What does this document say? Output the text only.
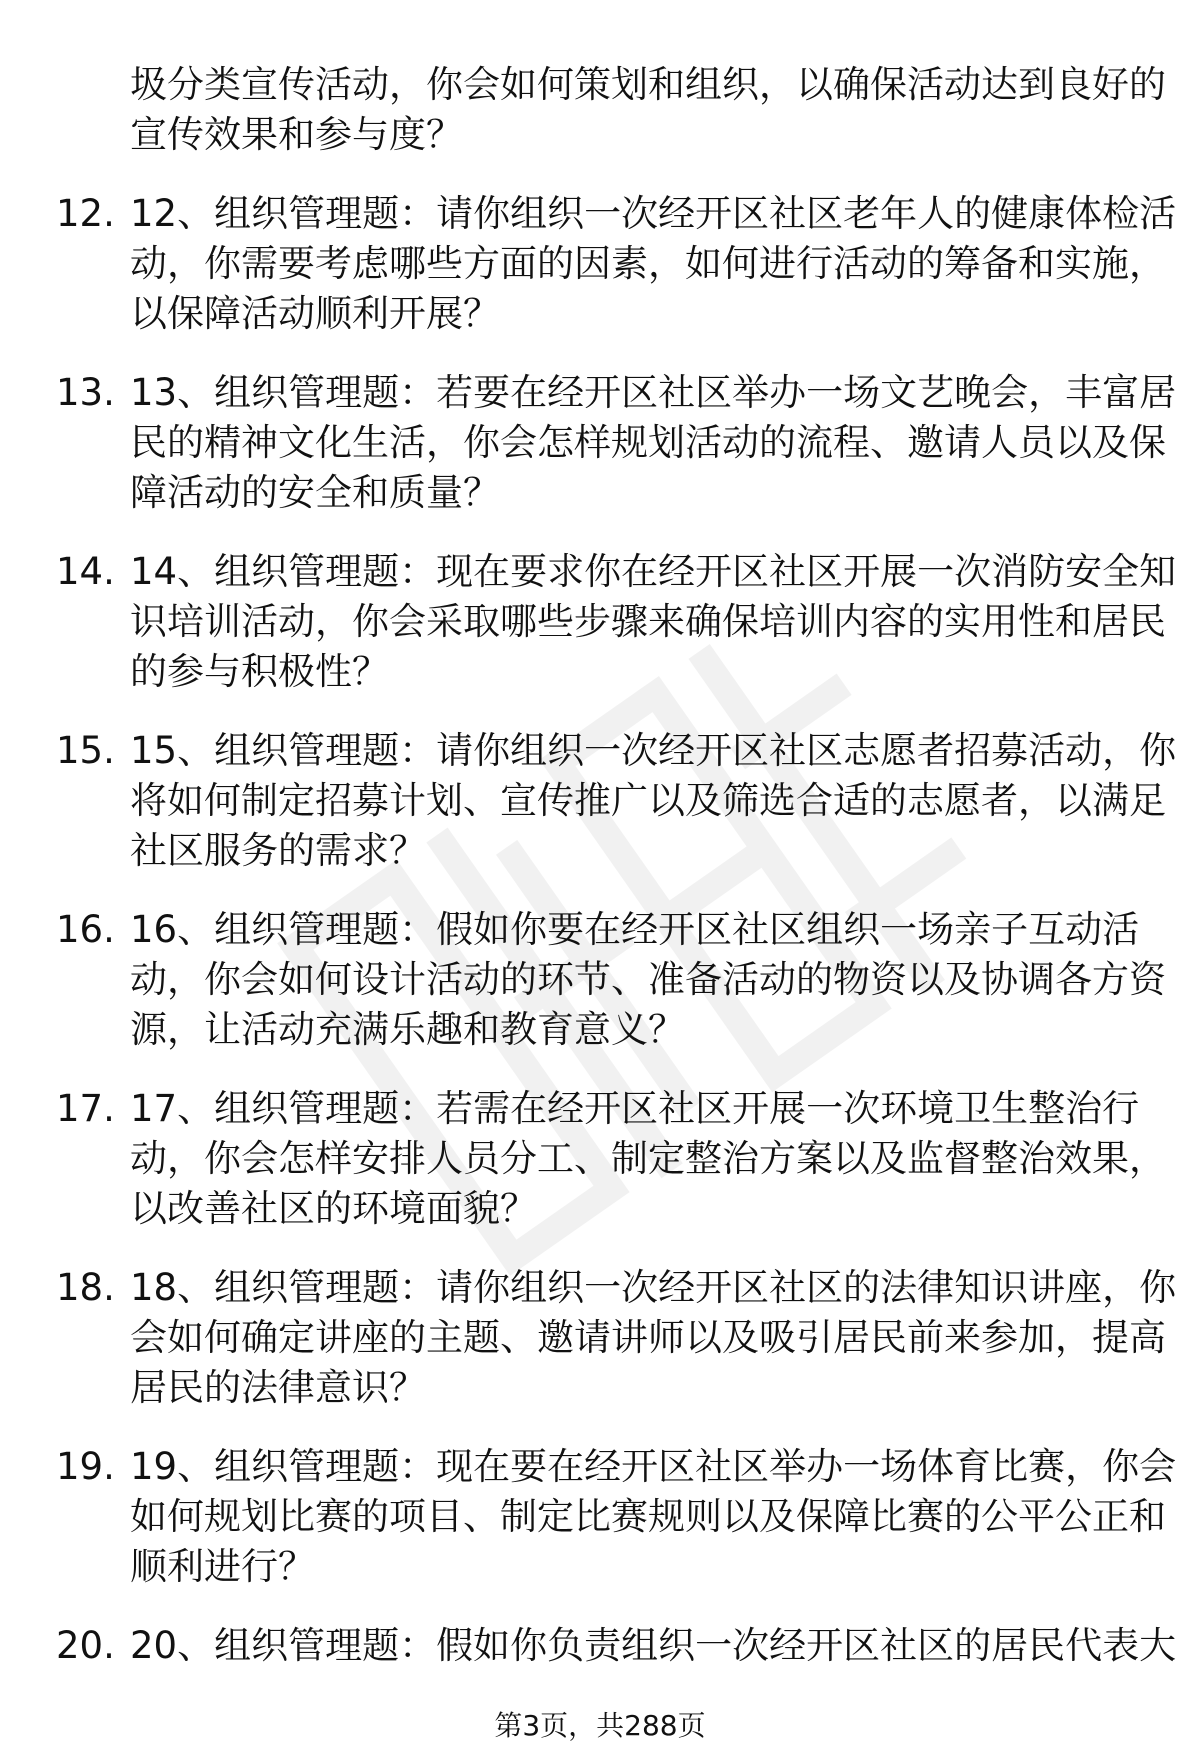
圾分类宣传活动，你会如何策划和组织，以确保活动达到良好的
宣传效果和参与度？
12. 12、组织管理题：请你组织一次经开区社区老年人的健康体检活
动，你需要考虑哪些方面的因素，如何进行活动的筹备和实施，
以保障活动顺利开展？
13. 13、组织管理题：若要在经开区社区举办一场文艺晚会，丰富居
民的精神文化生活，你会怎样规划活动的流程、邀请人员以及保
障活动的安全和质量？
14. 14、组织管理题：现在要求你在经开区社区开展一次消防安全知
识培训活动，你会采取哪些步骤来确保培训内容的实用性和居民
的参与积极性？
15. 15、组织管理题：请你组织一次经开区社区志愿者招募活动，你
将如何制定招募计划、宣传推广以及筛选合适的志愿者，以满足
社区服务的需求？
16. 16、组织管理题：假如你要在经开区社区组织一场亲子互动活
动，你会如何设计活动的环节、准备活动的物资以及协调各方资
源，让活动充满乐趣和教育意义？
17. 17、组织管理题：若需在经开区社区开展一次环境卫生整治行
动，你会怎样安排人员分工、制定整治方案以及监督整治效果，
以改善社区的环境面貌？
18. 18、组织管理题：请你组织一次经开区社区的法律知识讲座，你
会如何确定讲座的主题、邀请讲师以及吸引居民前来参加，提高
居民的法律意识？
19. 19、组织管理题：现在要在经开区社区举办一场体育比赛，你会
如何规划比赛的项目、制定比赛规则以及保障比赛的公平公正和
顺利进行？
20. 20、组织管理题：假如你负责组织一次经开区社区的居民代表大
第3页，共288页
